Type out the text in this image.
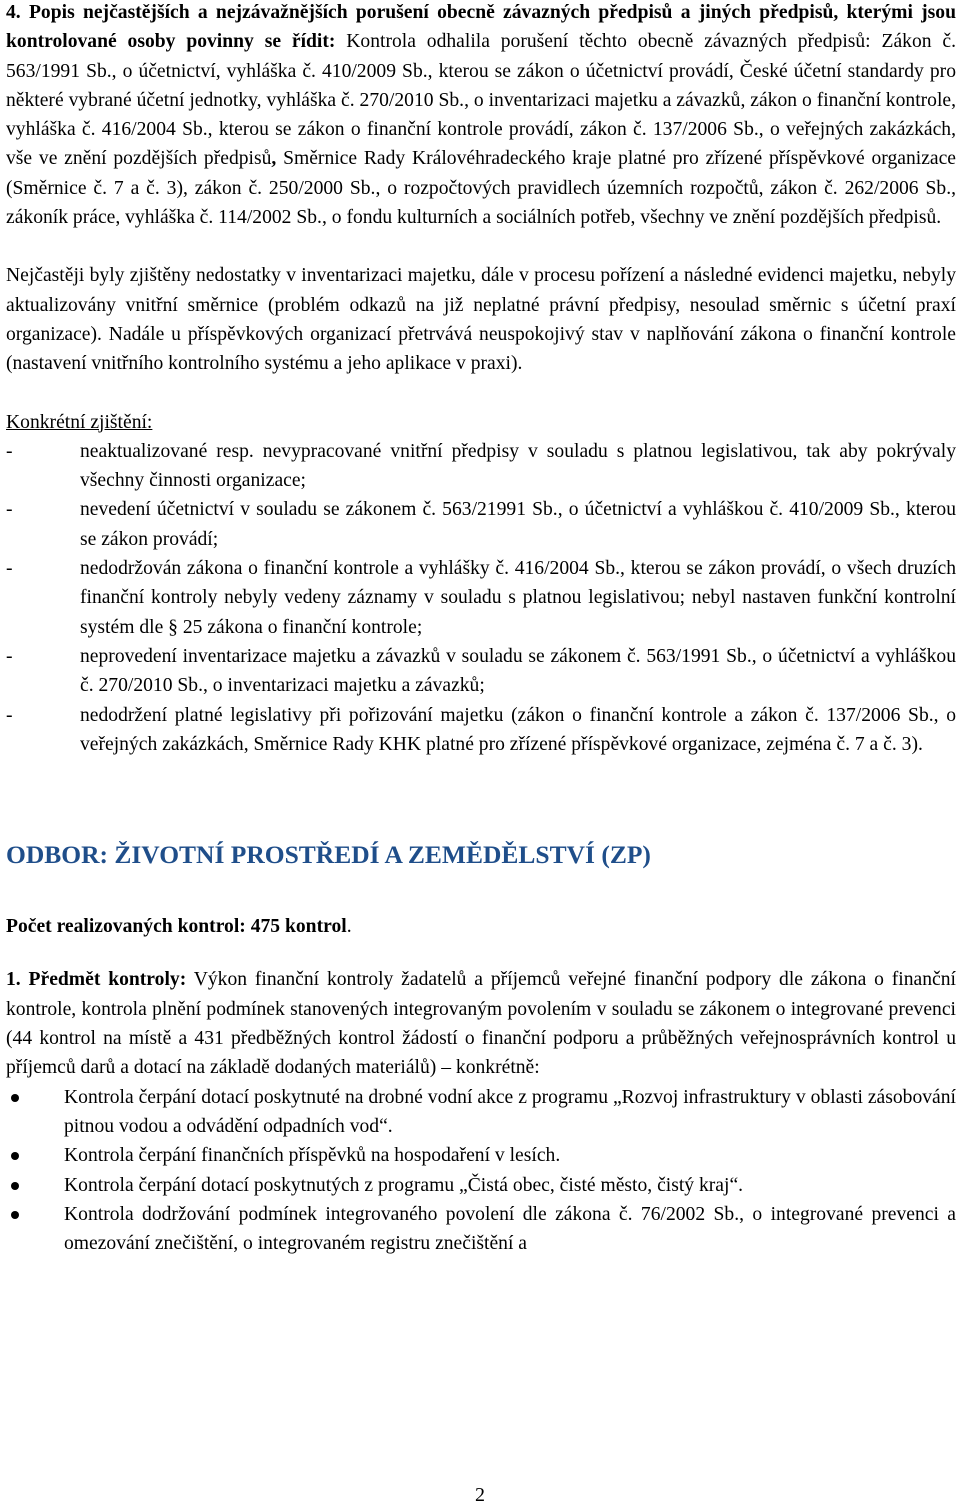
4. Popis nejčastějších a nejzávažnějších porušení obecně závazných předpisů a jiných předpisů, kterými jsou kontrolované osoby povinny se řídit: Kontrola odhalila porušení těchto obecně závazných předpisů: Zákon č. 563/1991 Sb., o účetnictví, vyhláška č. 410/2009 Sb., kterou se zákon o účetnictví provádí, České účetní standardy pro některé vybrané účetní jednotky, vyhláška č. 270/2010 Sb., o inventarizaci majetku a závazků, zákon o finanční kontrole, vyhláška č. 416/2004 Sb., kterou se zákon o finanční kontrole provádí, zákon č. 137/2006 Sb., o veřejných zakázkách, vše ve znění pozdějších předpisů, Směrnice Rady Královéhradeckého kraje platné pro zřízené příspěvkové organizace (Směrnice č. 7 a č. 3), zákon č. 250/2000 Sb., o rozpočtových pravidlech územních rozpočtů, zákon č. 262/2006 Sb., zákoník práce, vyhláška č. 114/2002 Sb., o fondu kulturních a sociálních potřeb, všechny ve znění pozdějších předpisů.

Nejčastěji byly zjištěny nedostatky v inventarizaci majetku, dále v procesu pořízení a následné evidenci majetku, nebyly aktualizovány vnitřní směrnice (problém odkazů na již neplatné právní předpisy, nesoulad směrnic s účetní praxí organizace). Nadále u příspěvkových organizací přetrvává neuspokojivý stav v naplňování zákona o finanční kontrole (nastavení vnitřního kontrolního systému a jeho aplikace v praxi).

Konkrétní zjištění:

-	neaktualizované resp. nevypracované vnitřní předpisy v souladu s platnou legislativou, tak aby pokrývaly všechny činnosti organizace;
-	nevedení účetnictví v souladu se zákonem č. 563/21991 Sb., o účetnictví a vyhláškou č. 410/2009 Sb., kterou se zákon provádí;
-	nedodržován zákona o finanční kontrole a vyhlášky č. 416/2004 Sb., kterou se zákon provádí, o všech druzích finanční kontroly nebyly vedeny záznamy v souladu s platnou legislativou; nebyl nastaven funkční kontrolní systém dle § 25 zákona o finanční kontrole;
-	neprovedení inventarizace majetku a závazků v souladu se zákonem č. 563/1991 Sb., o účetnictví a vyhláškou č. 270/2010 Sb., o inventarizaci majetku a závazků;
-	nedodržení platné legislativy při pořizování majetku (zákon o finanční kontrole a zákon č. 137/2006 Sb., o veřejných zakázkách, Směrnice Rady KHK platné pro zřízené příspěvkové organizace, zejména č. 7 a č. 3).

ODBOR: ŽIVOTNÍ PROSTŘEDÍ A ZEMĚDĚLSTVÍ (ZP)

Počet realizovaných kontrol: 475 kontrol.

1. Předmět kontroly: Výkon finanční kontroly žadatelů a příjemců veřejné finanční podpory dle zákona o finanční kontrole, kontrola plnění podmínek stanovených integrovaným povolením v souladu se zákonem o integrované prevenci (44 kontrol na místě a 431 předběžných kontrol žádostí o finanční podporu a průběžných veřejnosprávních kontrol u příjemců darů a dotací na základě dodaných materiálů) – konkrétně:

Kontrola čerpání dotací poskytnuté na drobné vodní akce z programu „Rozvoj infrastruktury v oblasti zásobování pitnou vodou a odvádění odpadních vod“.
Kontrola čerpání finančních příspěvků na hospodaření v lesích.
Kontrola čerpání dotací poskytnutých z programu „Čistá obec, čisté město, čistý kraj“.
Kontrola dodržování podmínek integrovaného povolení dle zákona č. 76/2002 Sb., o integrované prevenci a omezování znečištění, o integrovaném registru znečištění a
2
